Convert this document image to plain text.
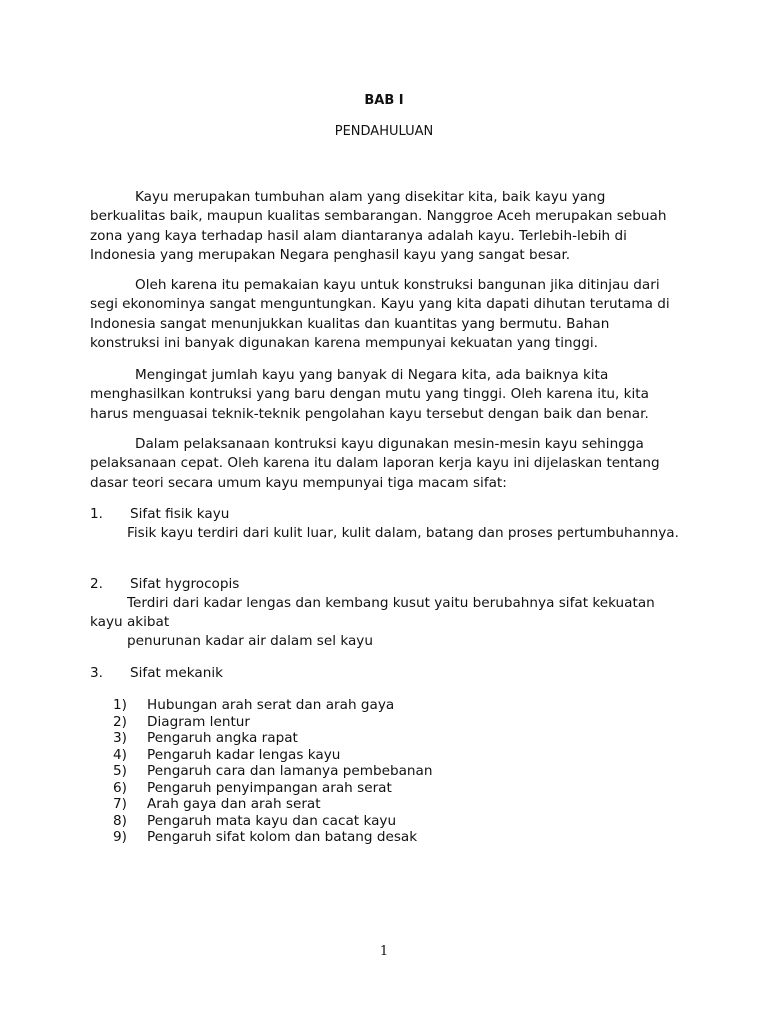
BAB I
PENDAHULUAN

Kayu merupakan tumbuhan alam yang disekitar kita, baik kayu yang berkualitas baik, maupun kualitas sembarangan. Nanggroe Aceh merupakan sebuah zona yang kaya terhadap hasil alam diantaranya adalah kayu. Terlebih-lebih di Indonesia yang merupakan Negara penghasil kayu yang sangat besar.

Oleh karena itu pemakaian kayu untuk konstruksi bangunan jika ditinjau dari segi ekonominya sangat menguntungkan. Kayu yang kita dapati dihutan terutama di Indonesia sangat menunjukkan kualitas dan kuantitas yang bermutu. Bahan konstruksi ini banyak digunakan karena mempunyai kekuatan yang tinggi.

Mengingat jumlah kayu yang banyak di Negara kita, ada baiknya kita menghasilkan kontruksi yang baru dengan mutu yang tinggi. Oleh karena itu, kita harus menguasai teknik-teknik pengolahan kayu tersebut dengan baik dan benar.

Dalam pelaksanaan kontruksi kayu digunakan mesin-mesin kayu sehingga pelaksanaan cepat. Oleh karena itu dalam laporan kerja kayu ini dijelaskan tentang dasar teori secara umum kayu mempunyai tiga macam sifat:

1. Sifat fisik kayu
Fisik kayu terdiri dari kulit luar, kulit dalam, batang dan proses pertumbuhannya.
2. Sifat hygrocopis
Terdiri dari kadar lengas dan kembang kusut yaitu berubahnya sifat kekuatan kayu akibat
penurunan kadar air dalam sel kayu
3. Sifat mekanik
1) Hubungan arah serat dan arah gaya
2) Diagram lentur
3) Pengaruh angka rapat
4) Pengaruh kadar lengas kayu
5) Pengaruh cara dan lamanya pembebanan
6) Pengaruh penyimpangan arah serat
7) Arah gaya dan arah serat
8) Pengaruh mata kayu dan cacat kayu
9) Pengaruh sifat kolom dan batang desak
1
